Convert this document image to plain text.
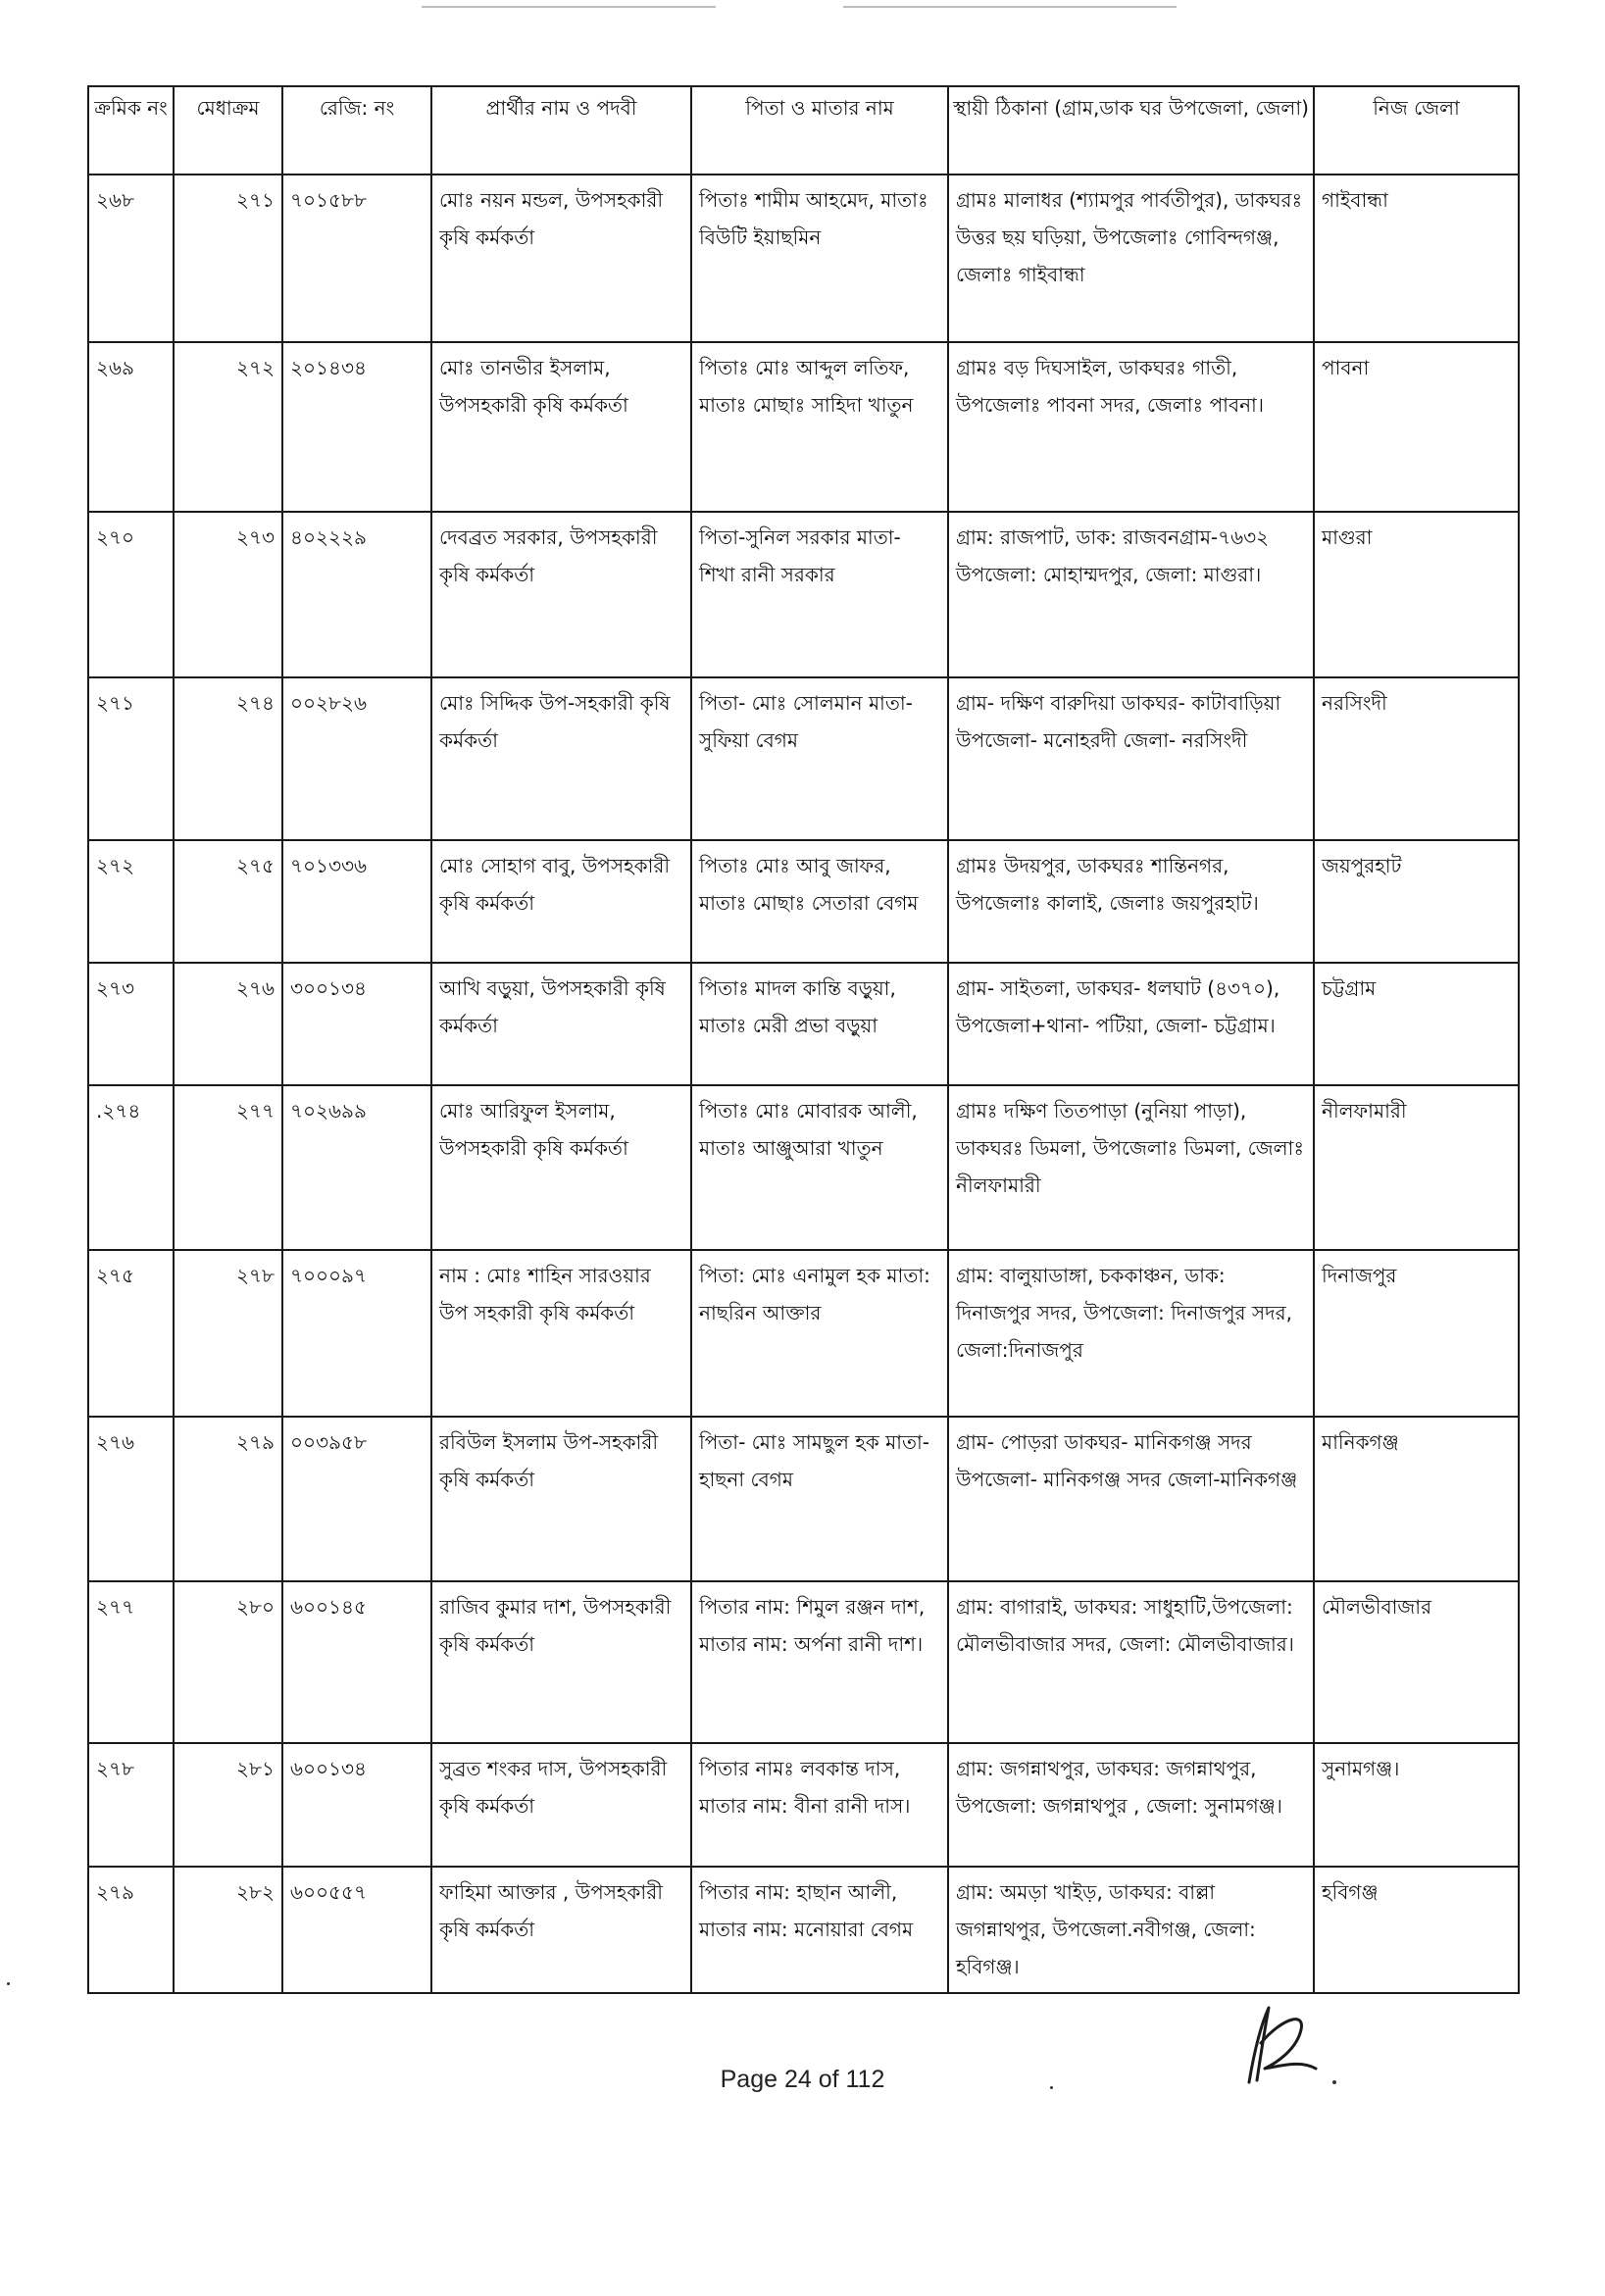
ক্রমিক নং	মেধাক্রম	রেজি: নং	প্রার্থীর নাম ও পদবী	পিতা ও মাতার নাম	স্থায়ী ঠিকানা (গ্রাম,ডাক ঘর উপজেলা, জেলা)	নিজ জেলা
২৬৮	২৭১	৭০১৫৮৮	মোঃ নয়ন মন্ডল, উপসহকারী কৃষি কর্মকর্তা	পিতাঃ শামীম আহমেদ, মাতাঃ বিউটি ইয়াছমিন	গ্রামঃ মালাধর (শ্যামপুর পার্বতীপুর), ডাকঘরঃ উত্তর ছয় ঘড়িয়া, উপজেলাঃ গোবিন্দগঞ্জ, জেলাঃ গাইবান্ধা	গাইবান্ধা
২৬৯	২৭২	২০১৪৩৪	মোঃ তানভীর ইসলাম, উপসহকারী কৃষি কর্মকর্তা	পিতাঃ মোঃ আব্দুল লতিফ, মাতাঃ মোছাঃ সাহিদা খাতুন	গ্রামঃ বড় দিঘসাইল, ডাকঘরঃ গাতী, উপজেলাঃ পাবনা সদর, জেলাঃ পাবনা।	পাবনা
২৭০	২৭৩	৪০২২২৯	দেবব্রত সরকার, উপসহকারী কৃষি কর্মকর্তা	পিতা-সুনিল সরকার মাতা- শিখা রানী সরকার	গ্রাম: রাজপাট, ডাক: রাজবনগ্রাম-৭৬৩২ উপজেলা: মোহাম্মদপুর, জেলা: মাগুরা।	মাগুরা
২৭১	২৭৪	০০২৮২৬	মোঃ সিদ্দিক উপ-সহকারী কৃষি কর্মকর্তা	পিতা- মোঃ সোলমান মাতা- সুফিয়া বেগম	গ্রাম- দক্ষিণ বারুদিয়া ডাকঘর- কাটাবাড়িয়া উপজেলা- মনোহরদী জেলা- নরসিংদী	নরসিংদী
২৭২	২৭৫	৭০১৩৩৬	মোঃ সোহাগ বাবু, উপসহকারী কৃষি কর্মকর্তা	পিতাঃ মোঃ আবু জাফর, মাতাঃ মোছাঃ সেতারা বেগম	গ্রামঃ উদয়পুর, ডাকঘরঃ শান্তিনগর, উপজেলাঃ কালাই, জেলাঃ জয়পুরহাট।	জয়পুরহাট
২৭৩	২৭৬	৩০০১৩৪	আখি বড়ুয়া, উপসহকারী কৃষি কর্মকর্তা	পিতাঃ মাদল কান্তি বড়ুয়া, মাতাঃ মেরী প্রভা বড়ুয়া	গ্রাম- সাইতলা, ডাকঘর- ধলঘাট (৪৩৭০), উপজেলা+থানা- পটিয়া, জেলা- চট্টগ্রাম।	চট্টগ্রাম
.২৭৪	২৭৭	৭০২৬৯৯	মোঃ আরিফুল ইসলাম, উপসহকারী কৃষি কর্মকর্তা	পিতাঃ মোঃ মোবারক আলী, মাতাঃ আঞ্জুআরা খাতুন	গ্রামঃ দক্ষিণ তিতপাড়া (নুনিয়া পাড়া), ডাকঘরঃ ডিমলা, উপজেলাঃ ডিমলা, জেলাঃ নীলফামারী	নীলফামারী
২৭৫	২৭৮	৭০০০৯৭	নাম : মোঃ শাহিন সারওয়ার উপ সহকারী কৃষি কর্মকর্তা	পিতা: মোঃ এনামুল হক মাতা: নাছরিন আক্তার	গ্রাম: বালুয়াডাঙ্গা, চককাঞ্চন, ডাক: দিনাজপুর সদর, উপজেলা: দিনাজপুর সদর, জেলা:দিনাজপুর	দিনাজপুর
২৭৬	২৭৯	০০৩৯৫৮	রবিউল ইসলাম উপ-সহকারী কৃষি কর্মকর্তা	পিতা- মোঃ সামছুল হক মাতা- হাছনা বেগম	গ্রাম- পোড়রা ডাকঘর- মানিকগঞ্জ সদর উপজেলা- মানিকগঞ্জ সদর জেলা-মানিকগঞ্জ	মানিকগঞ্জ
২৭৭	২৮০	৬০০১৪৫	রাজিব কুমার দাশ, উপসহকারী কৃষি কর্মকর্তা	পিতার নাম: শিমুল রঞ্জন দাশ, মাতার নাম: অর্পনা রানী দাশ।	গ্রাম: বাগারাই, ডাকঘর: সাধুহাটি,উপজেলা: মৌলভীবাজার সদর, জেলা: মৌলভীবাজার।	মৌলভীবাজার
২৭৮	২৮১	৬০০১৩৪	সুব্রত শংকর দাস, উপসহকারী কৃষি কর্মকর্তা	পিতার নামঃ লবকান্ত দাস, মাতার নাম: বীনা রানী দাস।	গ্রাম: জগন্নাথপুর, ডাকঘর: জগন্নাথপুর, উপজেলা: জগন্নাথপুর , জেলা: সুনামগঞ্জ।	সুনামগঞ্জ।
২৭৯	২৮২	৬০০৫৫৭	ফাহিমা আক্তার , উপসহকারী কৃষি কর্মকর্তা	পিতার নাম: হাছান আলী, মাতার নাম: মনোয়ারা বেগম	গ্রাম: অমড়া খাইড়, ডাকঘর: বাল্লা জগন্নাথপুর, উপজেলা.নবীগঞ্জ, জেলা: হবিগঞ্জ।	হবিগঞ্জ
Page 24 of 112
